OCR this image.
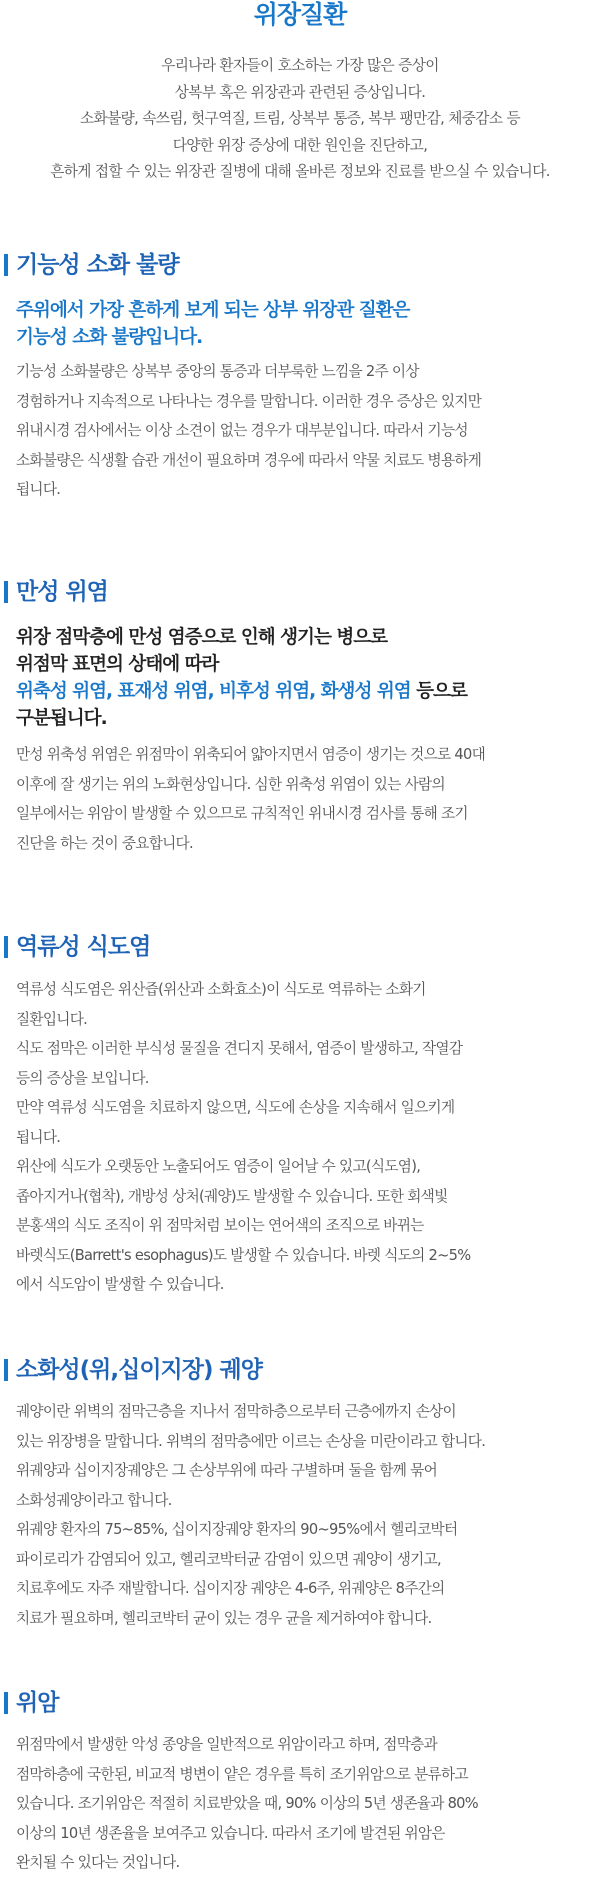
위장질환
우리나라 환자들이 호소하는 가장 많은 증상이
상복부 혹은 위장관과 관련된 증상입니다.
소화불량, 속쓰림, 헛구역질, 트림, 상복부 통증, 복부 팽만감, 체중감소 등
다양한 위장 증상에 대한 원인을 진단하고,
흔하게 접할 수 있는 위장관 질병에 대해 올바른 정보와 진료를 받으실 수 있습니다.
기능성 소화 불량
주위에서 가장 흔하게 보게 되는 상부 위장관 질환은
기능성 소화 불량입니다.
기능성 소화불량은 상복부 중앙의 통증과 더부룩한 느낌을 2주 이상
경험하거나 지속적으로 나타나는 경우를 말합니다. 이러한 경우 증상은 있지만
위내시경 검사에서는 이상 소견이 없는 경우가 대부분입니다. 따라서 기능성
소화불량은 식생활 습관 개선이 필요하며 경우에 따라서 약물 치료도 병용하게
됩니다.
만성 위염
위장 점막층에 만성 염증으로 인해 생기는 병으로
위점막 표면의 상태에 따라
위축성 위염, 표재성 위염, 비후성 위염, 화생성 위염 등으로
구분됩니다.
만성 위축성 위염은 위점막이 위축되어 얇아지면서 염증이 생기는 것으로 40대
이후에 잘 생기는 위의 노화현상입니다. 심한 위축성 위염이 있는 사람의
일부에서는 위암이 발생할 수 있으므로 규칙적인 위내시경 검사를 통해 조기
진단을 하는 것이 중요합니다.
역류성 식도염
역류성 식도염은 위산즙(위산과 소화효소)이 식도로 역류하는 소화기
질환입니다.
식도 점막은 이러한 부식성 물질을 견디지 못해서, 염증이 발생하고, 작열감
등의 증상을 보입니다.
만약 역류성 식도염을 치료하지 않으면, 식도에 손상을 지속해서 일으키게
됩니다.
위산에 식도가 오랫동안 노출되어도 염증이 일어날 수 있고(식도염),
좁아지거나(협착), 개방성 상처(궤양)도 발생할 수 있습니다. 또한 회색빛
분홍색의 식도 조직이 위 점막처럼 보이는 연어색의 조직으로 바뀌는
바렛식도(Barrett's esophagus)도 발생할 수 있습니다. 바렛 식도의 2~5%
에서 식도암이 발생할 수 있습니다.
소화성(위,십이지장) 궤양
궤양이란 위벽의 점막근층을 지나서 점막하층으로부터 근층에까지 손상이
있는 위장병을 말합니다. 위벽의 점막층에만 이르는 손상을 미란이라고 합니다.
위궤양과 십이지장궤양은 그 손상부위에 따라 구별하며 둘을 함께 묶어
소화성궤양이라고 합니다.
위궤양 환자의 75~85%, 십이지장궤양 환자의 90~95%에서 헬리코박터
파이로리가 감염되어 있고, 헬리코박터균 감염이 있으면 궤양이 생기고,
치료후에도 자주 재발합니다. 십이지장 궤양은 4-6주, 위궤양은 8주간의
치료가 필요하며, 헬리코박터 균이 있는 경우 균을 제거하여야 합니다.
위암
위점막에서 발생한 악성 종양을 일반적으로 위암이라고 하며, 점막층과
점막하층에 국한된, 비교적 병변이 얕은 경우를 특히 조기위암으로 분류하고
있습니다. 조기위암은 적절히 치료받았을 때, 90% 이상의 5년 생존율과 80%
이상의 10년 생존율을 보여주고 있습니다. 따라서 조기에 발견된 위암은
완치될 수 있다는 것입니다.
